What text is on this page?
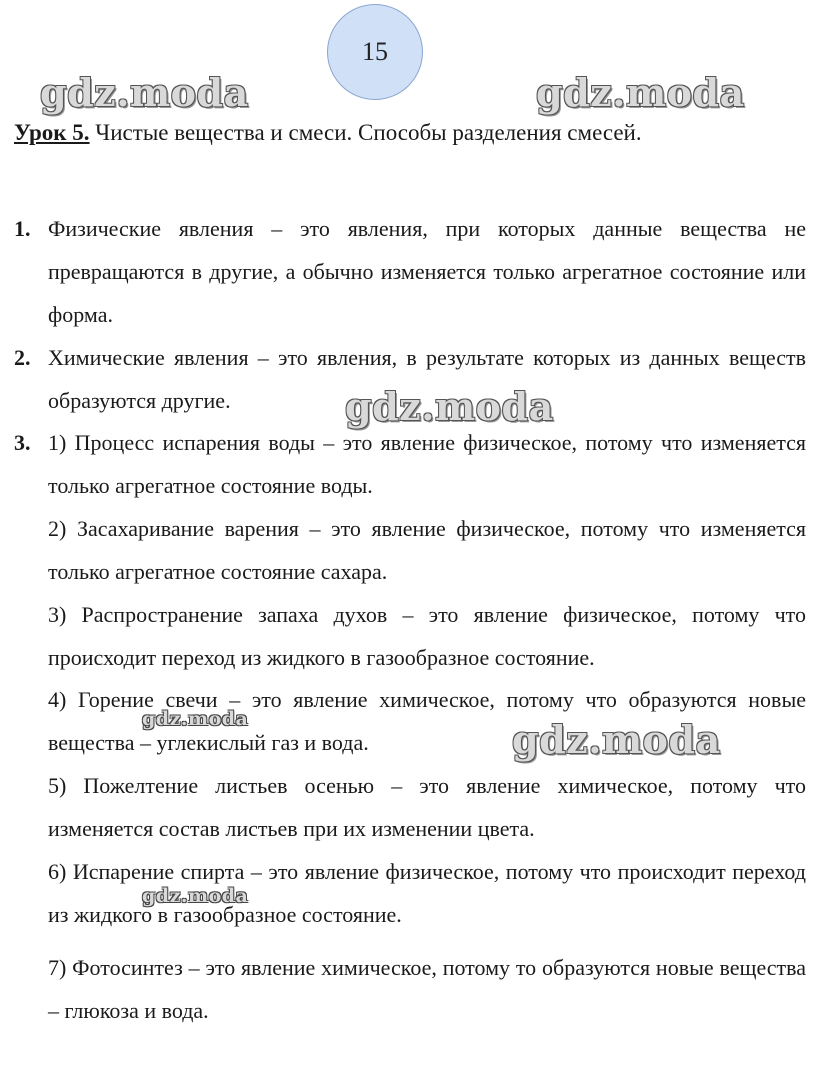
15
gdz.moda	gdz.moda
gdz.moda
gdz.moda	gdz.moda
gdz.moda
Урок 5. Чистые вещества и смеси. Способы разделения смесей.
1. Физические явления – это явления, при которых данные вещества не превращаются в другие, а обычно изменяется только агрегатное состояние или форма.
2. Химические явления – это явления, в результате которых из данных веществ образуются другие.
3. 1) Процесс испарения воды – это явление физическое, потому что изменяется только агрегатное состояние воды.
2) Засахаривание варения – это явление физическое, потому что изменяется только агрегатное состояние сахара.
3) Распространение запаха духов – это явление физическое, потому что происходит переход из жидкого в газообразное состояние.
4) Горение свечи – это явление химическое, потому что образуются новые вещества – углекислый газ и вода.
5) Пожелтение листьев осенью – это явление химическое, потому что изменяется состав листьев при их изменении цвета.
6) Испарение спирта – это явление физическое, потому что происходит переход из жидкого в газообразное состояние.
7) Фотосинтез – это явление химическое, потому то образуются новые вещества – глюкоза и вода.
